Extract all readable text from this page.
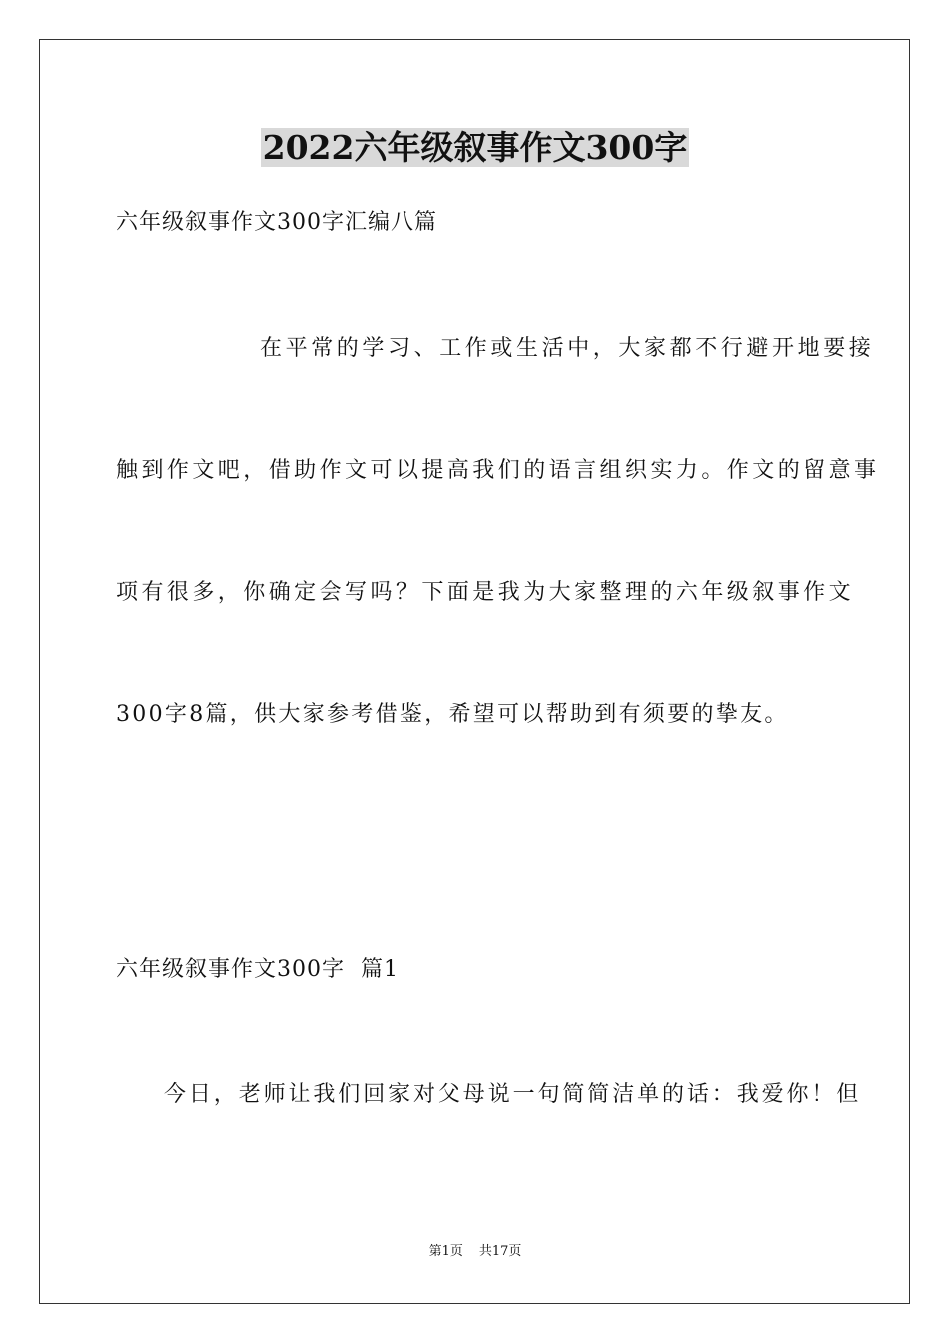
2022六年级叙事作文300字
六年级叙事作文300字汇编八篇
在平常的学习、工作或生活中，大家都不行避开地要接
触到作文吧，借助作文可以提高我们的语言组织实力。作文的留意事
项有很多，你确定会写吗？下面是我为大家整理的六年级叙事作文
300字8篇，供大家参考借鉴，希望可以帮助到有须要的挚友。
六年级叙事作文300字  篇1
今日，老师让我们回家对父母说一句简简洁单的话：我爱你！但
第1页 共17页
